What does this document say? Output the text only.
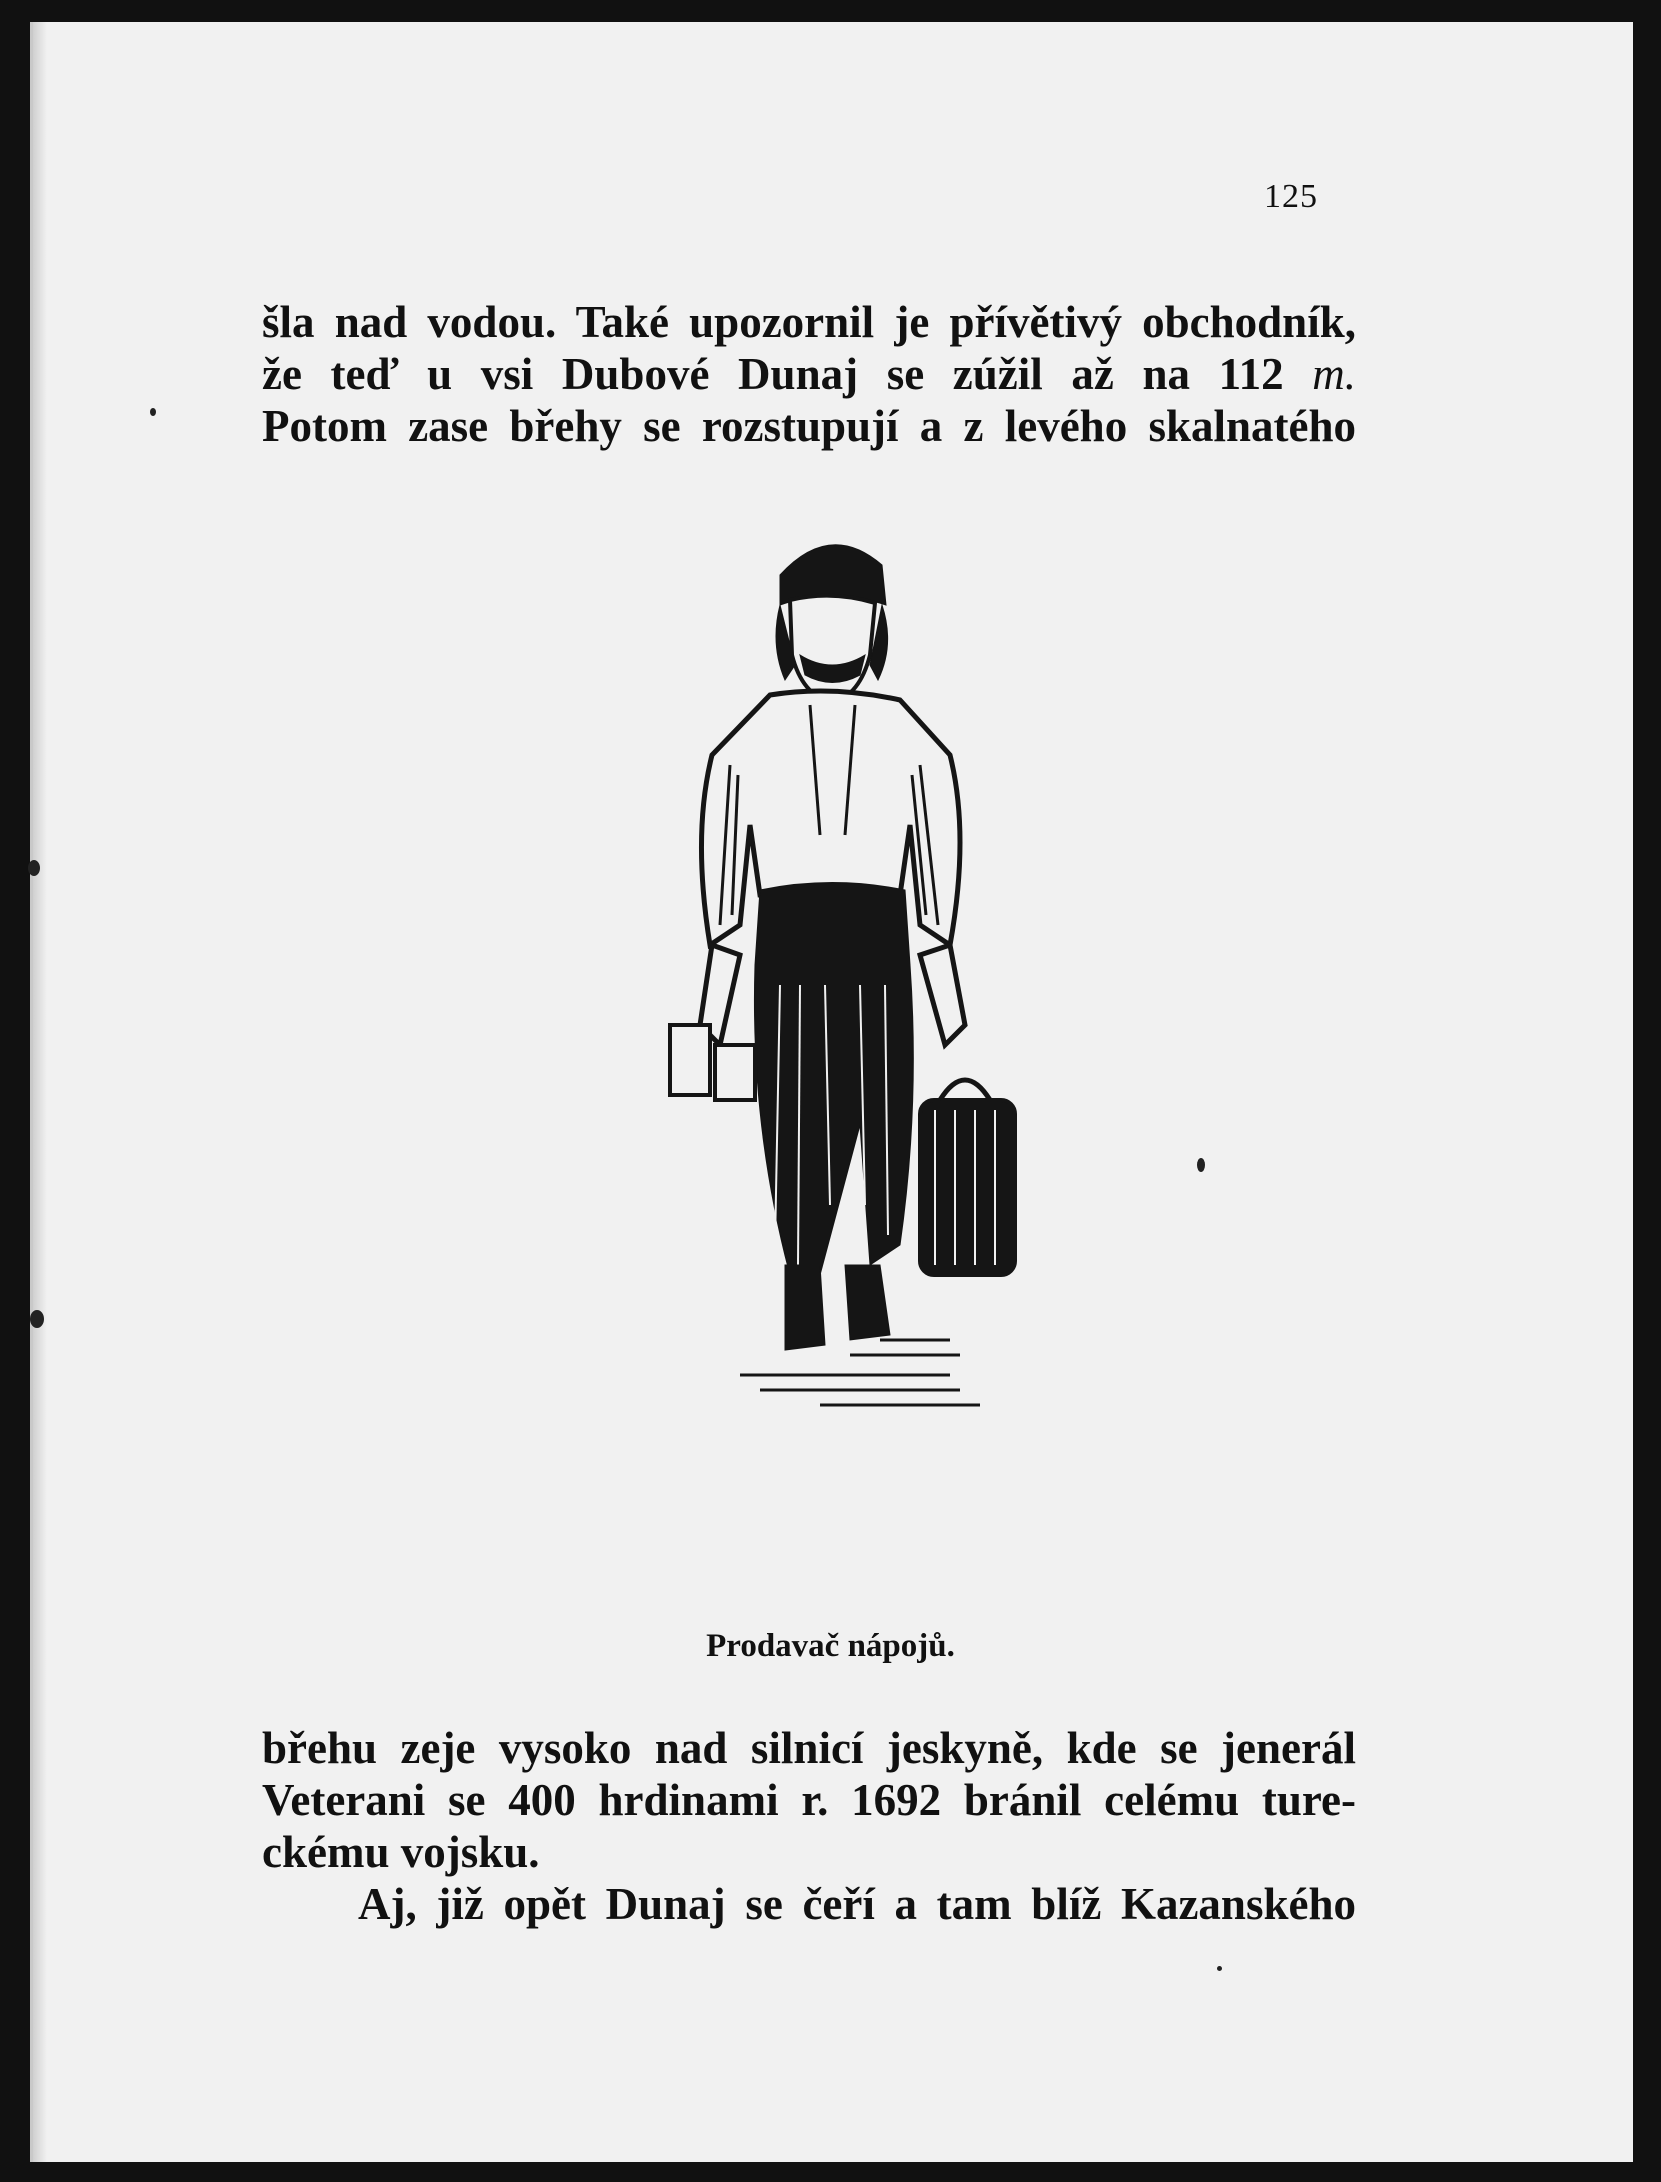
125
šla nad vodou. Také upozornil je přívětivý obchodník,
že teď u vsi Dubové Dunaj se zúžil až na 112 m.
Potom zase břehy se rozstupují a z levého skalnatého
Prodavač nápojů.
břehu zeje vysoko nad silnicí jeskyně, kde se jenerál
Veterani se 400 hrdinami r. 1692 bránil celému ture-
ckému vojsku.
Aj, již opět Dunaj se čeří a tam blíž Kazanského
